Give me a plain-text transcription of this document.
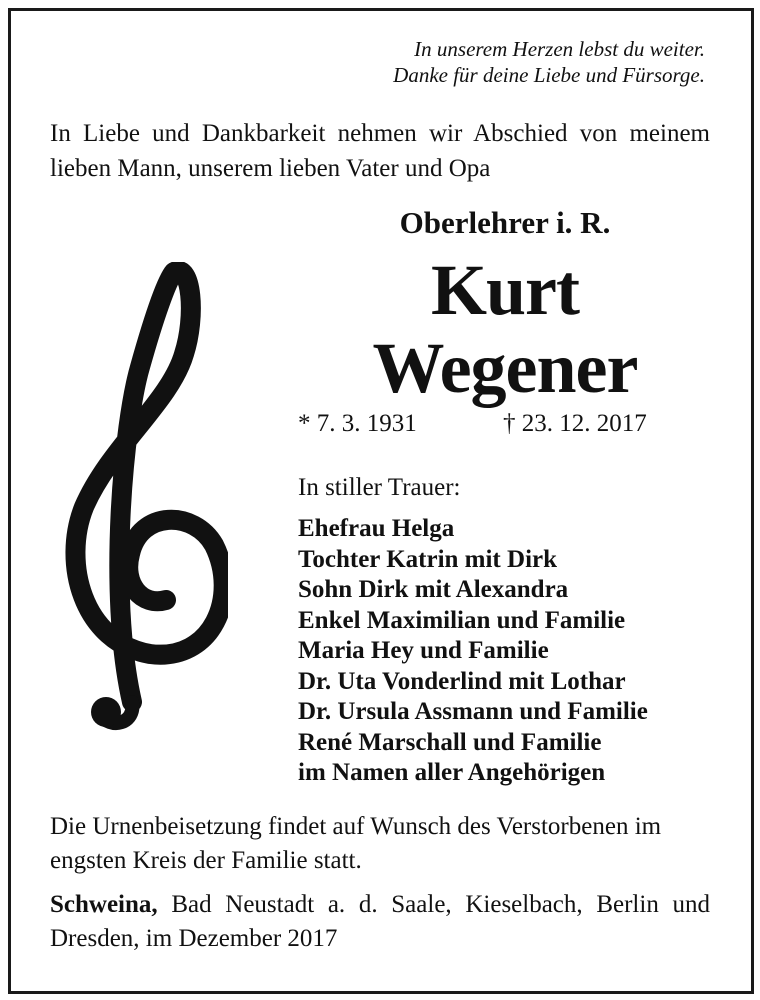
In unserem Herzen lebst du weiter.
Danke für deine Liebe und Fürsorge.
In Liebe und Dankbarkeit nehmen wir Abschied von meinem lieben Mann, unserem lieben Vater und Opa
Oberlehrer i. R.
Kurt
Wegener
* 7. 3. 1931	† 23. 12. 2017
In stiller Trauer:
Ehefrau Helga
Tochter Katrin mit Dirk
Sohn Dirk mit Alexandra
Enkel Maximilian und Familie
Maria Hey und Familie
Dr. Uta Vonderlind mit Lothar
Dr. Ursula Assmann und Familie
René Marschall und Familie
im Namen aller Angehörigen
Die Urnenbeisetzung findet auf Wunsch des Verstorbenen im engsten Kreis der Familie statt.
Schweina, Bad Neustadt a. d. Saale, Kieselbach, Berlin und Dresden, im Dezember 2017
